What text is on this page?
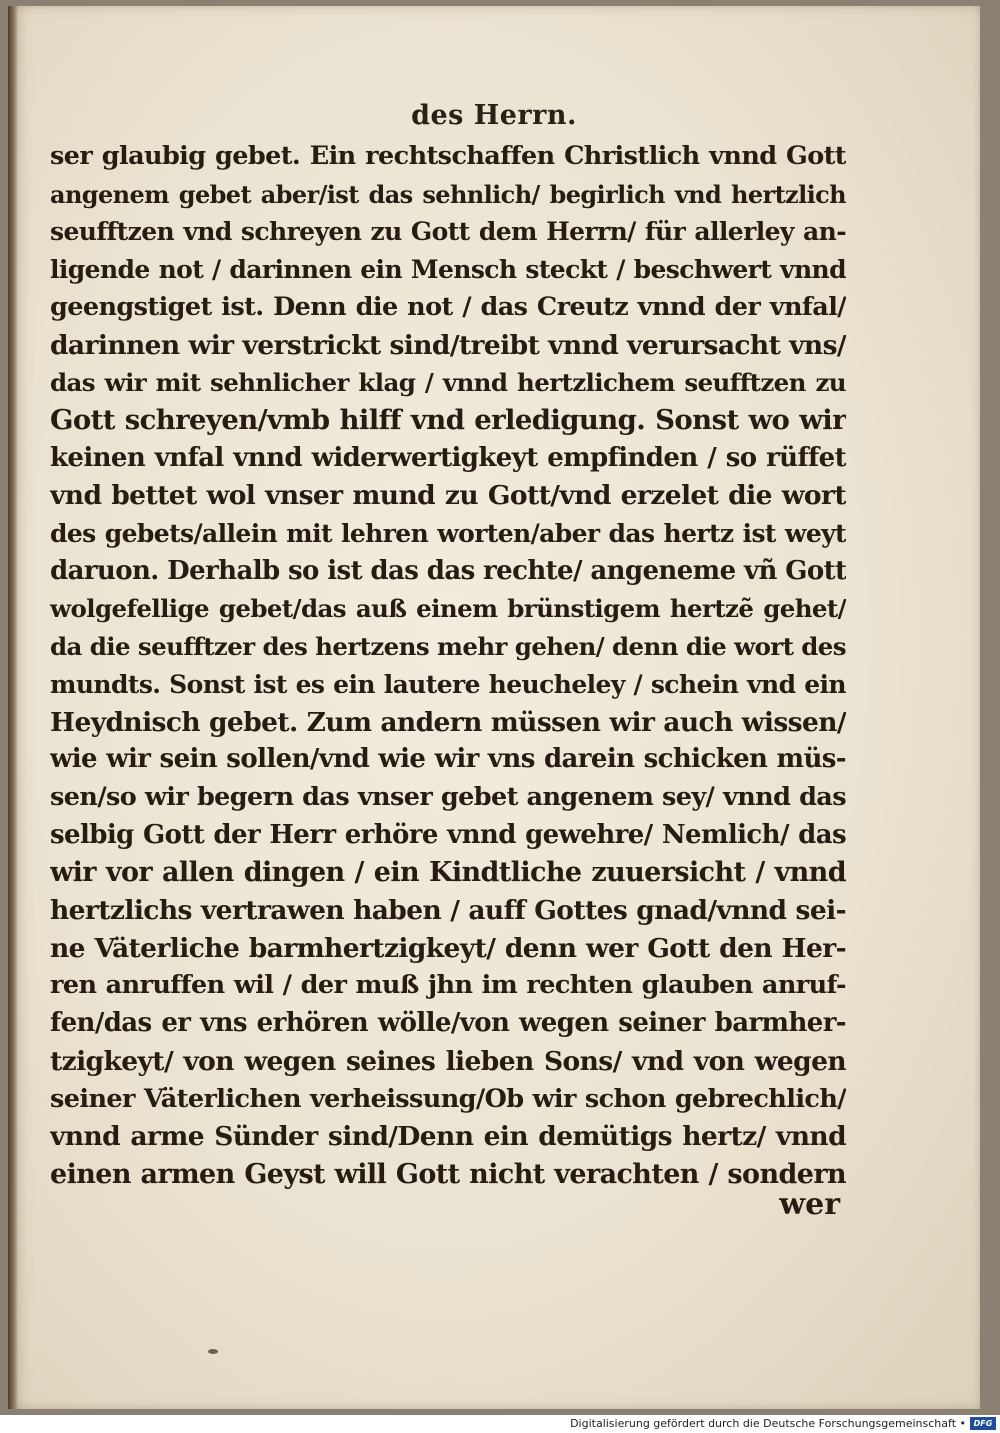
des Herrn.
ser glaubig gebet. Ein rechtschaffen Christlich vnnd Gott
angenem gebet aber/ist das sehnlich/ begirlich vnd hertzlich
seufftzen vnd schreyen zu Gott dem Herrn/ für allerley an-
ligende not / darinnen ein Mensch steckt / beschwert vnnd
geengstiget ist. Denn die not / das Creutz vnnd der vnfal/
darinnen wir verstrickt sind/treibt vnnd verursacht vns/
das wir mit sehnlicher klag / vnnd hertzlichem seufftzen zu
Gott schreyen/vmb hilff vnd erledigung. Sonst wo wir
keinen vnfal vnnd widerwertigkeyt empfinden / so rüffet
vnd bettet wol vnser mund zu Gott/vnd erzelet die wort
des gebets/allein mit lehren worten/aber das hertz ist weyt
daruon. Derhalb so ist das das rechte/ angeneme vñ Gott
wolgefellige gebet/das auß einem brünstigem hertzẽ gehet/
da die seufftzer des hertzens mehr gehen/ denn die wort des
mundts. Sonst ist es ein lautere heucheley / schein vnd ein
Heydnisch gebet. Zum andern müssen wir auch wissen/
wie wir sein sollen/vnd wie wir vns darein schicken müs-
sen/so wir begern das vnser gebet angenem sey/ vnnd das
selbig Gott der Herr erhöre vnnd gewehre/ Nemlich/ das
wir vor allen dingen / ein Kindtliche zuuersicht / vnnd
hertzlichs vertrawen haben / auff Gottes gnad/vnnd sei-
ne Väterliche barmhertzigkeyt/ denn wer Gott den Her-
ren anruffen wil / der muß jhn im rechten glauben anruf-
fen/das er vns erhören wölle/von wegen seiner barmher-
tzigkeyt/ von wegen seines lieben Sons/ vnd von wegen
seiner Väterlichen verheissung/Ob wir schon gebrechlich/
vnnd arme Sünder sind/Denn ein demütigs hertz/ vnnd
einen armen Geyst will Gott nicht verachten / sondern
wer
Digitalisierung gefördert durch die Deutsche Forschungsgemeinschaft • DFG
